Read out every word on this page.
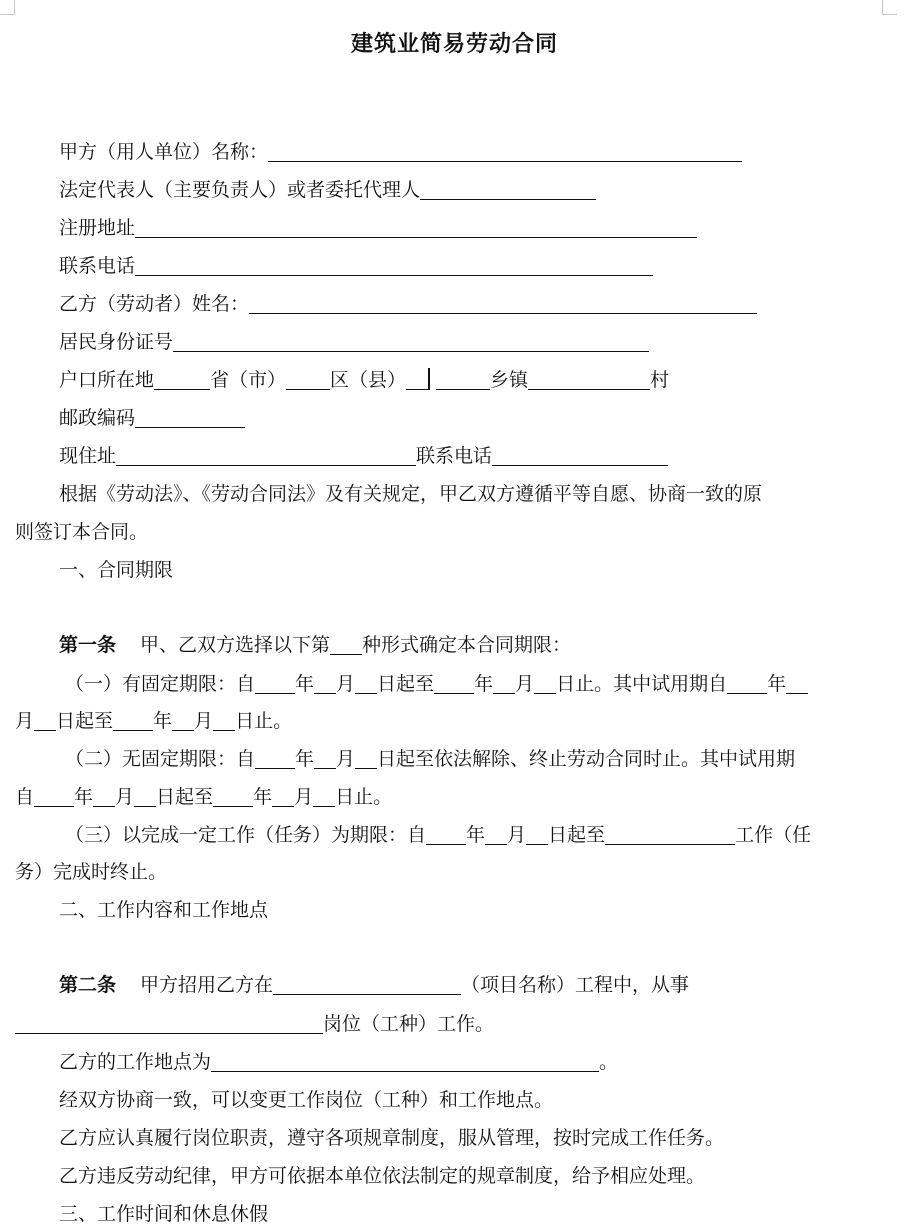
建筑业简易劳动合同
甲方（用人单位）名称：
法定代表人（主要负责人）或者委托代理人
注册地址
联系电话
乙方（劳动者）姓名：
居民身份证号
户口所在地	省（市） 区（县）	乡镇	村
邮政编码
现住址	联系电话
根据《劳动法》、《劳动合同法》及有关规定，甲乙双方遵循平等自愿、协商一致的原
则签订本合同。
一、合同期限
第一条 甲、乙双方选择以下第 种形式确定本合同期限：
（一）有固定期限：自 年 月 日起至 年 月 日止。其中试用期自 年
月 日起至 年 月 日止。
（二）无固定期限：自 年 月 日起至依法解除、终止劳动合同时止。其中试用期
自 年 月 日起至 年 月 日止。
（三）以完成一定工作（任务）为期限：自 年 月 日起至	工作（任
务）完成时终止。
二、工作内容和工作地点
第二条 甲方招用乙方在	（项目名称）工程中，从事
岗位（工种）工作。
乙方的工作地点为	。
经双方协商一致，可以变更工作岗位（工种）和工作地点。
乙方应认真履行岗位职责，遵守各项规章制度，服从管理，按时完成工作任务。
乙方违反劳动纪律，甲方可依据本单位依法制定的规章制度，给予相应处理。
三、工作时间和休息休假
